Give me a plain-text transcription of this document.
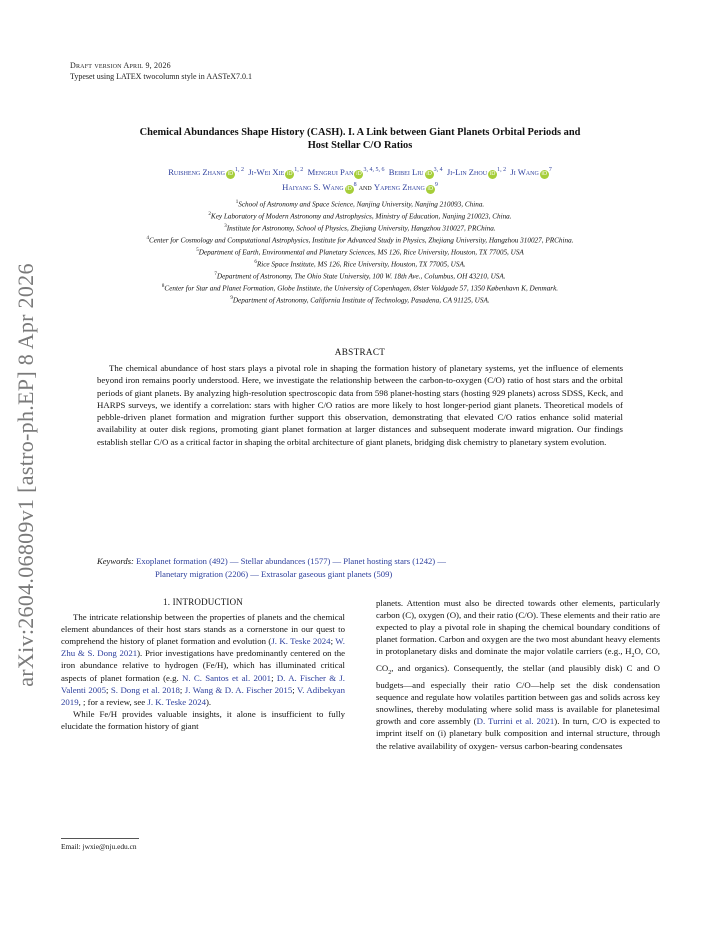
Draft version April 9, 2026
Typeset using LATEX twocolumn style in AASTeX7.0.1
arXiv:2604.06809v1 [astro-ph.EP] 8 Apr 2026
Chemical Abundances Shape History (CASH). I. A Link between Giant Planets Orbital Periods and
Host Stellar C/O Ratios
Ruisheng Zhang iD$^{1, 2}$ Ji-Wei Xie iD$^{1, 2}$ Mengrui Pan iD$^{3, 4, 5, 6}$ Beibei Liu iD$^{3, 4}$ Ji-Lin Zhou iD$^{1, 2}$ Ji Wang $iD^7$
Haiyang S. Wang $iD^8$ and Yapeng Zhang $iD^9$
$^1$School of Astronomy and Space Science, Nanjing University, Nanjing 210093, China.
$^2$Key Laboratory of Modern Astronomy and Astrophysics, Ministry of Education, Nanjing 210023, China.
$^3$Institute for Astronomy, School of Physics, Zhejiang University, Hangzhou 310027, PRChina.
$^4$Center for Cosmology and Computational Astrophysics, Institute for Advanced Study in Physics, Zhejiang University, Hangzhou 310027, PRChina.
$^5$Department of Earth, Environmental and Planetary Sciences, MS 126, Rice University, Houston, TX 77005, USA
$^6$Rice Space Institute, MS 126, Rice University, Houston, TX 77005, USA.
$^7$Department of Astronomy, The Ohio State University, 100 W. 18th Ave., Columbus, OH 43210, USA.
$^8$Center for Star and Planet Formation, Globe Institute, the University of Copenhagen, Øster Voldgade 57, 1350 København K, Denmark.
$^9$Department of Astronomy, California Institute of Technology, Pasadena, CA 91125, USA.
ABSTRACT
The chemical abundance of host stars plays a pivotal role in shaping the formation history of planetary systems, yet the influence of elements beyond iron remains poorly understood. Here, we investigate the relationship between the carbon-to-oxygen (C/O) ratio of host stars and the orbital periods of giant planets. By analyzing high-resolution spectroscopic data from 598 planet-hosting stars (hosting 929 planets) across SDSS, Keck, and HARPS surveys, we identify a correlation: stars with higher C/O ratios are more likely to host longer-period giant planets. Theoretical models of pebble-driven planet formation and migration further support this observation, demonstrating that elevated C/O ratios enhance solid material availability at outer disk regions, promoting giant planet formation at larger distances and subsequent moderate inward migration. Our findings establish stellar C/O as a critical factor in shaping the orbital architecture of giant planets, bridging disk chemistry to planetary system evolution.
Keywords: Exoplanet formation (492) — Stellar abundances (1577) — Planet hosting stars (1242) —
Planetary migration (2206) — Extrasolar gaseous giant planets (509)
1. INTRODUCTION

The intricate relationship between the properties of planets and the chemical element abundances of their host stars stands as a cornerstone in our quest to comprehend the history of planet formation and evolution (J. K. Teske 2024; W. Zhu & S. Dong 2021). Prior investigations have predominantly centered on the iron abundance relative to hydrogen (Fe/H), which has illuminated critical aspects of planet formation (e.g. N. C. Santos et al. 2001; D. A. Fischer & J. Valenti 2005; S. Dong et al. 2018; J. Wang & D. A. Fischer 2015; V. Adibekyan 2019, ; for a review, see J. K. Teske 2024).

While Fe/H provides valuable insights, it alone is insufficient to fully elucidate the formation history of giant

planets. Attention must also be directed towards other elements, particularly carbon (C), oxygen (O), and their ratio (C/O). These elements and their ratio are expected to play a pivotal role in shaping the chemical boundary conditions of planet formation. Carbon and oxygen are the two most abundant heavy elements in protoplanetary disks and dominate the major volatile carriers (e.g., $H_2O$, CO, $CO_2$, and organics). Consequently, the stellar (and plausibly disk) C and O budgets—and especially their ratio C/O—help set the disk condensation sequence and regulate how volatiles partition between gas and solids across key snowlines, thereby modulating where solid mass is available for planetesimal growth and core assembly (D. Turrini et al. 2021). In turn, C/O is expected to imprint itself on (i) planetary bulk composition and internal structure, through the relative availability of oxygen- versus carbon-bearing condensates

Email: jwxie@nju.edu.cn
